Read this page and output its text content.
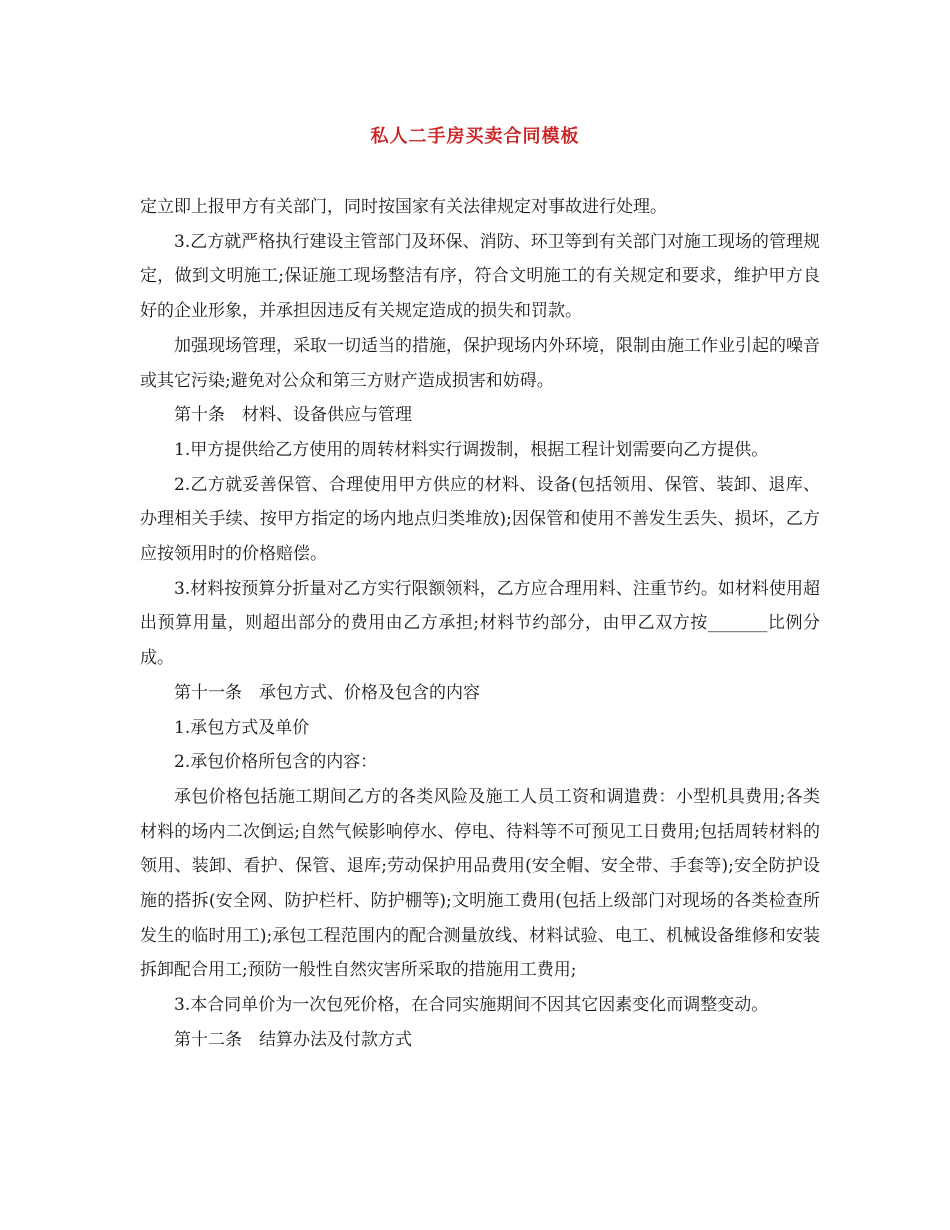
私人二手房买卖合同模板

定立即上报甲方有关部门，同时按国家有关法律规定对事故进行处理。

3.乙方就严格执行建设主管部门及环保、消防、环卫等到有关部门对施工现场的管理规定，做到文明施工;保证施工现场整洁有序，符合文明施工的有关规定和要求，维护甲方良好的企业形象，并承担因违反有关规定造成的损失和罚款。

加强现场管理，采取一切适当的措施，保护现场内外环境，限制由施工作业引起的噪音或其它污染;避免对公众和第三方财产造成损害和妨碍。

第十条　材料、设备供应与管理

1.甲方提供给乙方使用的周转材料实行调拨制，根据工程计划需要向乙方提供。

2.乙方就妥善保管、合理使用甲方供应的材料、设备(包括领用、保管、装卸、退库、办理相关手续、按甲方指定的场内地点归类堆放);因保管和使用不善发生丢失、损坏，乙方应按领用时的价格赔偿。

3.材料按预算分折量对乙方实行限额领料，乙方应合理用料、注重节约。如材料使用超出预算用量，则超出部分的费用由乙方承担;材料节约部分，由甲乙双方按_______比例分成。

第十一条　承包方式、价格及包含的内容

1.承包方式及单价

2.承包价格所包含的内容：

承包价格包括施工期间乙方的各类风险及施工人员工资和调遣费：小型机具费用;各类材料的场内二次倒运;自然气候影响停水、停电、待料等不可预见工日费用;包括周转材料的领用、装卸、看护、保管、退库;劳动保护用品费用(安全帽、安全带、手套等);安全防护设施的搭拆(安全网、防护栏杆、防护棚等);文明施工费用(包括上级部门对现场的各类检查所发生的临时用工);承包工程范围内的配合测量放线、材料试验、电工、机械设备维修和安装拆卸配合用工;预防一般性自然灾害所采取的措施用工费用;

3.本合同单价为一次包死价格，在合同实施期间不因其它因素变化而调整变动。

第十二条　结算办法及付款方式
